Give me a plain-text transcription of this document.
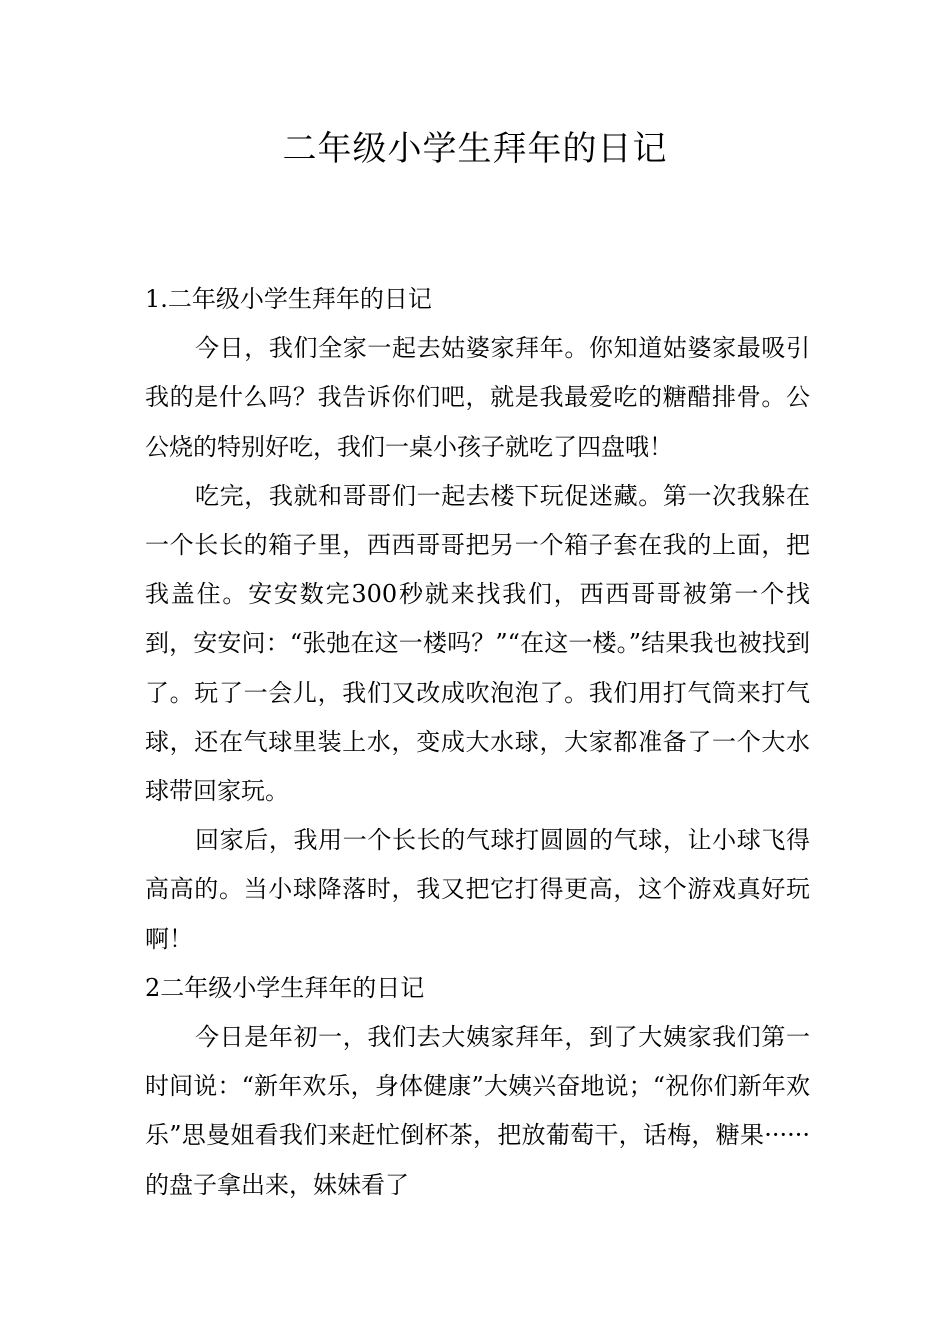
二年级小学生拜年的日记
1.二年级小学生拜年的日记

今日，我们全家一起去姑婆家拜年。你知道姑婆家最吸引我的是什么吗？我告诉你们吧，就是我最爱吃的糖醋排骨。公公烧的特别好吃，我们一桌小孩子就吃了四盘哦！

吃完，我就和哥哥们一起去楼下玩促迷藏。第一次我躲在一个长长的箱子里，西西哥哥把另一个箱子套在我的上面，把我盖住。安安数完300秒就来找我们，西西哥哥被第一个找到，安安问：“张弛在这一楼吗？”“在这一楼。”结果我也被找到了。玩了一会儿，我们又改成吹泡泡了。我们用打气筒来打气球，还在气球里装上水，变成大水球，大家都准备了一个大水球带回家玩。

回家后，我用一个长长的气球打圆圆的气球，让小球飞得高高的。当小球降落时，我又把它打得更高，这个游戏真好玩啊！

2二年级小学生拜年的日记

今日是年初一，我们去大姨家拜年，到了大姨家我们第一时间说：“新年欢乐，身体健康”大姨兴奋地说；“祝你们新年欢乐”思曼姐看我们来赶忙倒杯茶，把放葡萄干，话梅，糖果······的盘子拿出来，妹妹看了
